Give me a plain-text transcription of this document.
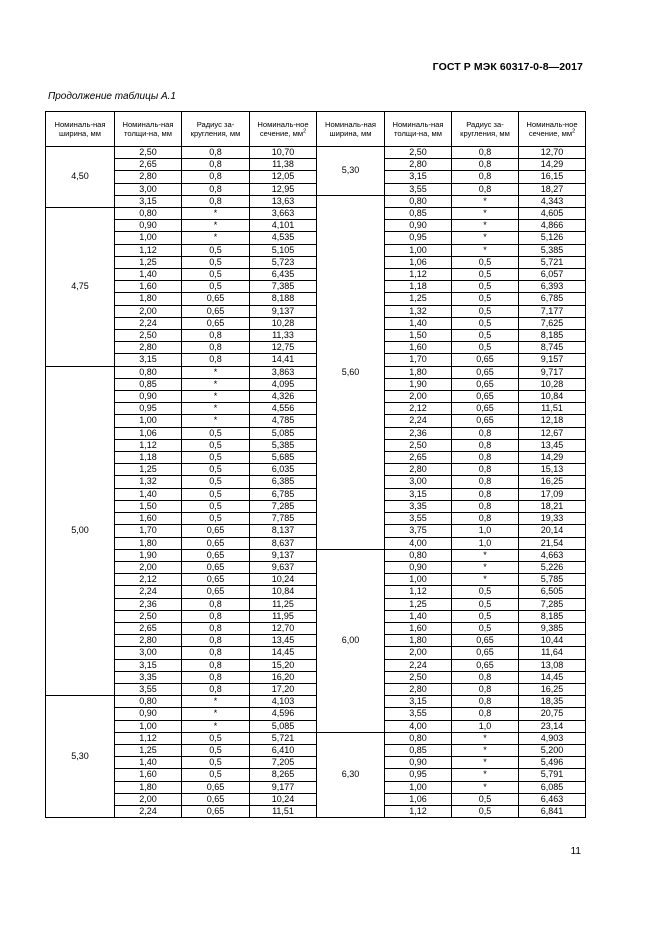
ГОСТ Р МЭК 60317-0-8—2017
Продолжение таблицы А.1
Номиналь-ная ширина, мм	Номиналь-ная толщи-на, мм	Радиус за-кругления, мм	Номиналь-ное сечение, $мм^2$	Номиналь-ная ширина, мм	Номиналь-ная толщи-на, мм	Радиус за-кругления, мм	Номиналь-ное сечение, $мм^2$
4,50	2,50	0,8	10,70	5,30	2,50	0,8	12,70
	2,65	0,8	11,38		2,80	0,8	14,29
	2,80	0,8	12,05		3,15	0,8	16,15
	3,00	0,8	12,95		3,55	0,8	18,27
	3,15	0,8	13,63	5,60	0,80	*	4,343
4,75	0,80	*	3,663		0,85	*	4,605
	0,90	*	4,101		0,90	*	4,866
	1,00	*	4,535		0,95	*	5,126
	1,12	0,5	5,105		1,00	*	5,385
	1,25	0,5	5,723		1,06	0,5	5,721
	1,40	0,5	6,435		1,12	0,5	6,057
	1,60	0,5	7,385		1,18	0,5	6,393
	1,80	0,65	8,188		1,25	0,5	6,785
	2,00	0,65	9,137		1,32	0,5	7,177
	2,24	0,65	10,28		1,40	0,5	7,625
	2,50	0,8	11,33		1,50	0,5	8,185
	2,80	0,8	12,75		1,60	0,5	8,745
	3,15	0,8	14,41		1,70	0,65	9,157
5,00	0,80	*	3,863		1,80	0,65	9,717
	0,85	*	4,095		1,90	0,65	10,28
	0,90	*	4,326		2,00	0,65	10,84
	0,95	*	4,556		2,12	0,65	11,51
	1,00	*	4,785		2,24	0,65	12,18
	1,06	0,5	5,085		2,36	0,8	12,67
	1,12	0,5	5,385		2,50	0,8	13,45
	1,18	0,5	5,685		2,65	0,8	14,29
	1,25	0,5	6,035		2,80	0,8	15,13
	1,32	0,5	6,385		3,00	0,8	16,25
	1,40	0,5	6,785		3,15	0,8	17,09
	1,50	0,5	7,285		3,35	0,8	18,21
	1,60	0,5	7,785		3,55	0,8	19,33
	1,70	0,65	8,137		3,75	1,0	20,14
	1,80	0,65	8,637		4,00	1,0	21,54
	1,90	0,65	9,137	6,00	0,80	*	4,663
	2,00	0,65	9,637		0,90	*	5,226
	2,12	0,65	10,24		1,00	*	5,785
	2,24	0,65	10,84		1,12	0,5	6,505
	2,36	0,8	11,25		1,25	0,5	7,285
	2,50	0,8	11,95		1,40	0,5	8,185
	2,65	0,8	12,70		1,60	0,5	9,385
	2,80	0,8	13,45		1,80	0,65	10,44
	3,00	0,8	14,45		2,00	0,65	11,64
	3,15	0,8	15,20		2,24	0,65	13,08
	3,35	0,8	16,20		2,50	0,8	14,45
	3,55	0,8	17,20		2,80	0,8	16,25
5,30	0,80	*	4,103		3,15	0,8	18,35
	0,90	*	4,596		3,55	0,8	20,75
	1,00	*	5,085		4,00	1,0	23,14
	1,12	0,5	5,721	6,30	0,80	*	4,903
	1,25	0,5	6,410		0,85	*	5,200
	1,40	0,5	7,205		0,90	*	5,496
	1,60	0,5	8,265		0,95	*	5,791
	1,80	0,65	9,177		1,00	*	6,085
	2,00	0,65	10,24		1,06	0,5	6,463
	2,24	0,65	11,51		1,12	0,5	6,841
11
